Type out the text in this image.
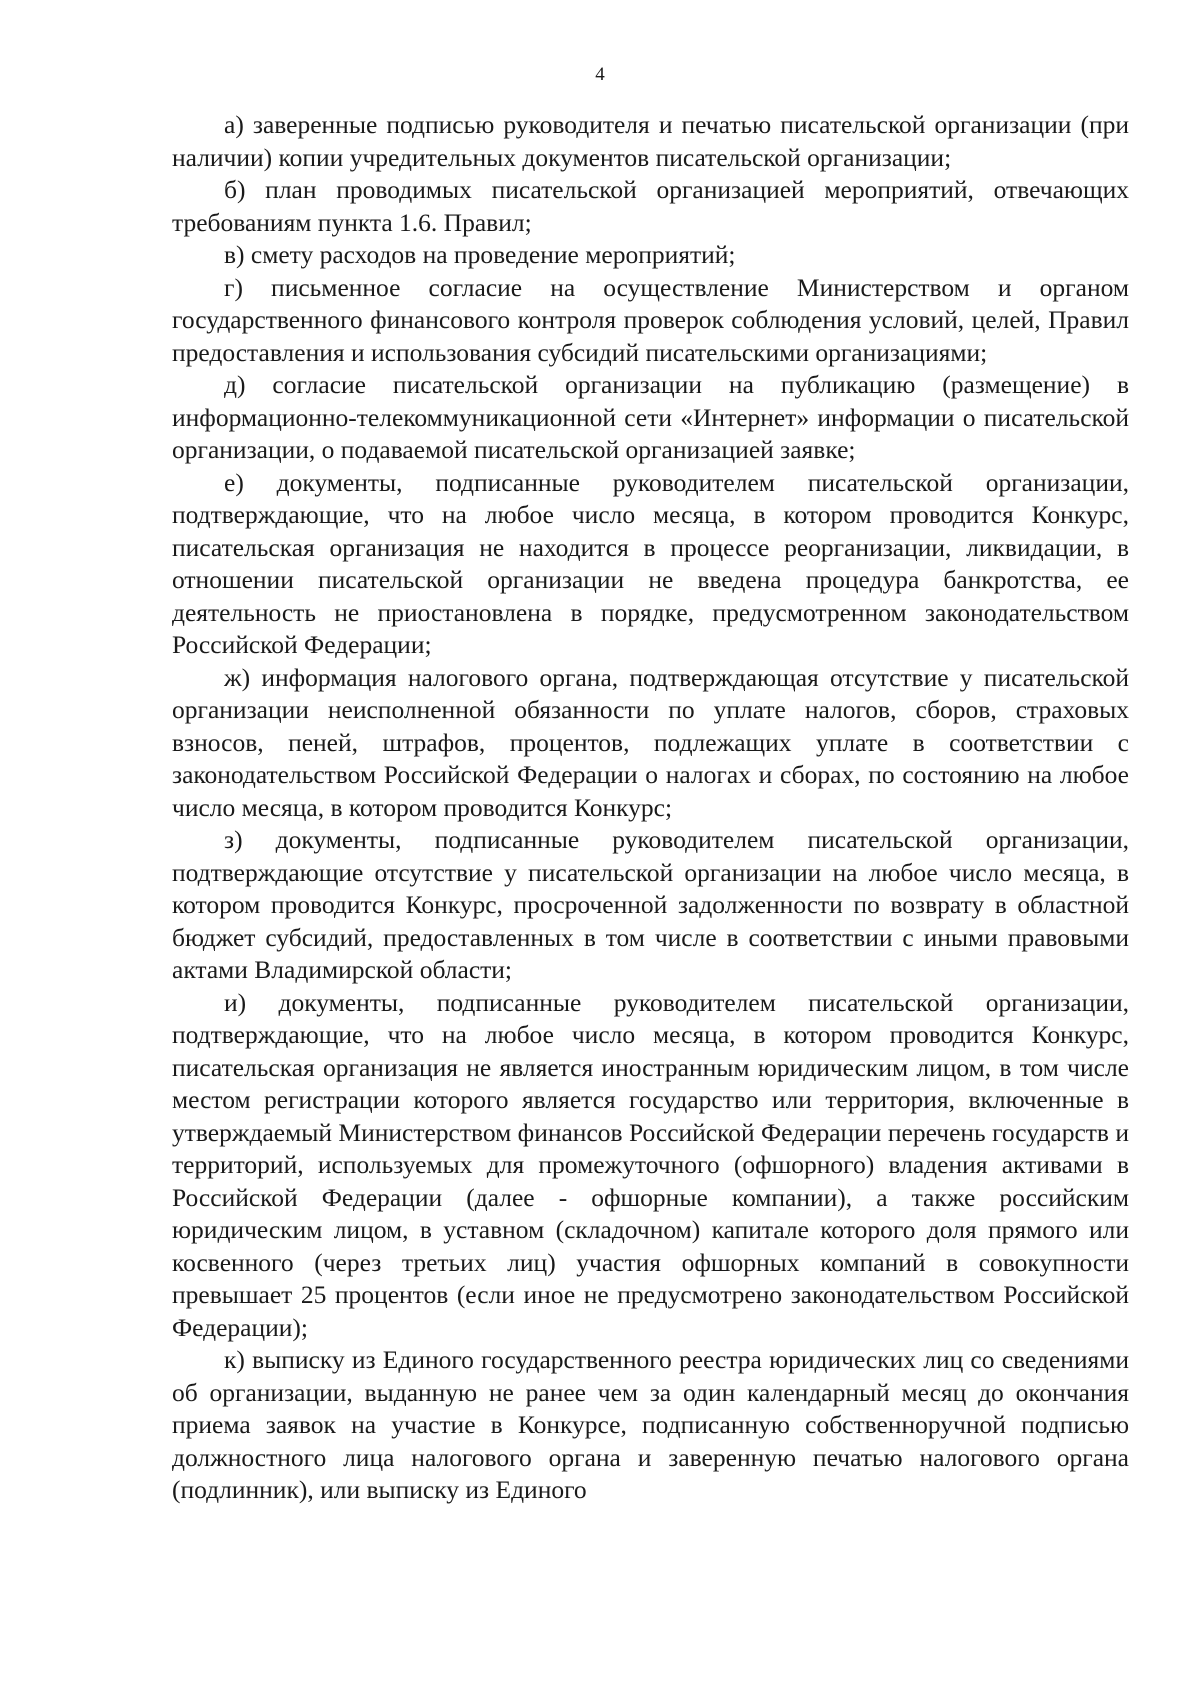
4

а) заверенные подписью руководителя и печатью писательской организации (при наличии) копии учредительных документов писательской организации;

б) план проводимых писательской организацией мероприятий, отвечающих требованиям пункта 1.6. Правил;

в) смету расходов на проведение мероприятий;

г) письменное согласие на осуществление Министерством и органом государственного финансового контроля проверок соблюдения условий, целей, Правил предоставления и использования субсидий писательскими организациями;

д) согласие писательской организации на публикацию (размещение) в информационно-телекоммуникационной сети «Интернет» информации о писательской организации, о подаваемой писательской организацией заявке;

е) документы, подписанные руководителем писательской организации, подтверждающие, что на любое число месяца, в котором проводится Конкурс, писательская организация не находится в процессе реорганизации, ликвидации, в отношении писательской организации не введена процедура банкротства, ее деятельность не приостановлена в порядке, предусмотренном законодательством Российской Федерации;

ж) информация налогового органа, подтверждающая отсутствие у писательской организации неисполненной обязанности по уплате налогов, сборов, страховых взносов, пеней, штрафов, процентов, подлежащих уплате в соответствии с законодательством Российской Федерации о налогах и сборах, по состоянию на любое число месяца, в котором проводится Конкурс;

з) документы, подписанные руководителем писательской организации, подтверждающие отсутствие у писательской организации на любое число месяца, в котором проводится Конкурс, просроченной задолженности по возврату в областной бюджет субсидий, предоставленных в том числе в соответствии с иными правовыми актами Владимирской области;

и) документы, подписанные руководителем писательской организации, подтверждающие, что на любое число месяца, в котором проводится Конкурс, писательская организация не является иностранным юридическим лицом, в том числе местом регистрации которого является государство или территория, включенные в утверждаемый Министерством финансов Российской Федерации перечень государств и территорий, используемых для промежуточного (офшорного) владения активами в Российской Федерации (далее - офшорные компании), а также российским юридическим лицом, в уставном (складочном) капитале которого доля прямого или косвенного (через третьих лиц) участия офшорных компаний в совокупности превышает 25 процентов (если иное не предусмотрено законодательством Российской Федерации);

к) выписку из Единого государственного реестра юридических лиц со сведениями об организации, выданную не ранее чем за один календарный месяц до окончания приема заявок на участие в Конкурсе, подписанную собственноручной подписью должностного лица налогового органа и заверенную печатью налогового органа (подлинник), или выписку из Единого
